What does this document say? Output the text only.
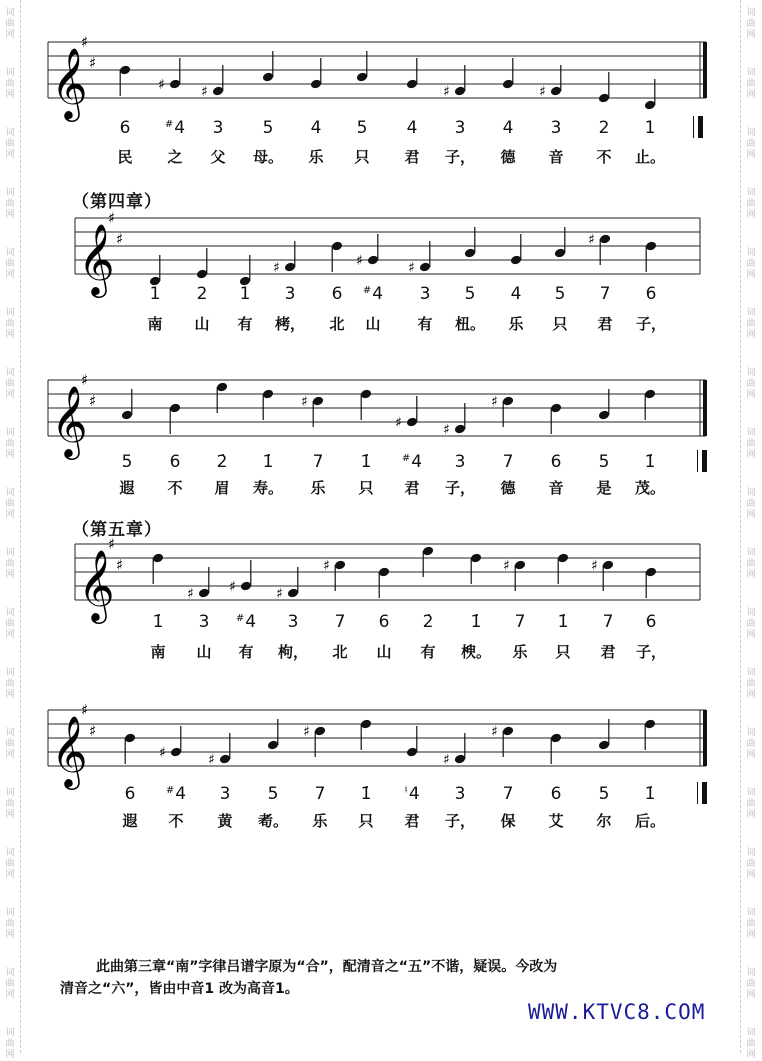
词
曲
网
词
曲
网
词
曲
网
词
曲
网
词
曲
网
词
曲
网
词
曲
网
词
曲
网
词
曲
网
词
曲
网
词
曲
网
词
曲
网
词
曲
网
词
曲
网
词
曲
网
词
曲
网
词
曲
网
词
曲
网
词
曲
网
词
曲
网
词
曲
网
词
曲
网
词
曲
网
词
曲
网
词
曲
网
词
曲
网
词
曲
网
词
曲
网
词
曲
网
词
曲
网
词
曲
网
词
曲
网
词
曲
网
词
曲
网
词
曲
网
词
曲
网
𝄞
♯
♯
♯	♯	♯	♯
6	#4	3	5	4	5	4	3	4	3	2	1
民	之	父	母。	乐	只	君	子，	德	音	不	止。
（第四章）
𝄞
♯
♯
♯	♯	♯
♯
1	2	1	3	6	#4	3	5	4	5	7	6
南	山	有	栲，	北	山	有	杻。	乐	只	君	子，
𝄞
♯
♯	♯
♯	♯
♯
5	6	2̇	1̇	7	1̇	#4	3	7	6	5	1̇
遐	不	眉	寿。	乐	只	君	子，	德	音	是	茂。
（第五章）
𝄞
♯
♯
♯	♯	♯
♯	♯	♯
1̇	3	#4	3	7	6	2̇	1̇	7	1̇	7	6
南	山	有	枸，	北	山	有	楰。	乐	只	君	子，
𝄞
♯
♯
♯	♯
♯
♯
♯
6	#4	3	5	7	1̇	♮4	3	7	6	5	1̇
遐	不	黄	耇。	乐	只	君	子，	保	艾	尔	后。
此曲第三章“南”字律吕谱字原为“合”，配清音之“五”不谐，疑误。今改为
清音之“六”，皆由中音1 改为高音1。
WWW.KTVC8.COM
